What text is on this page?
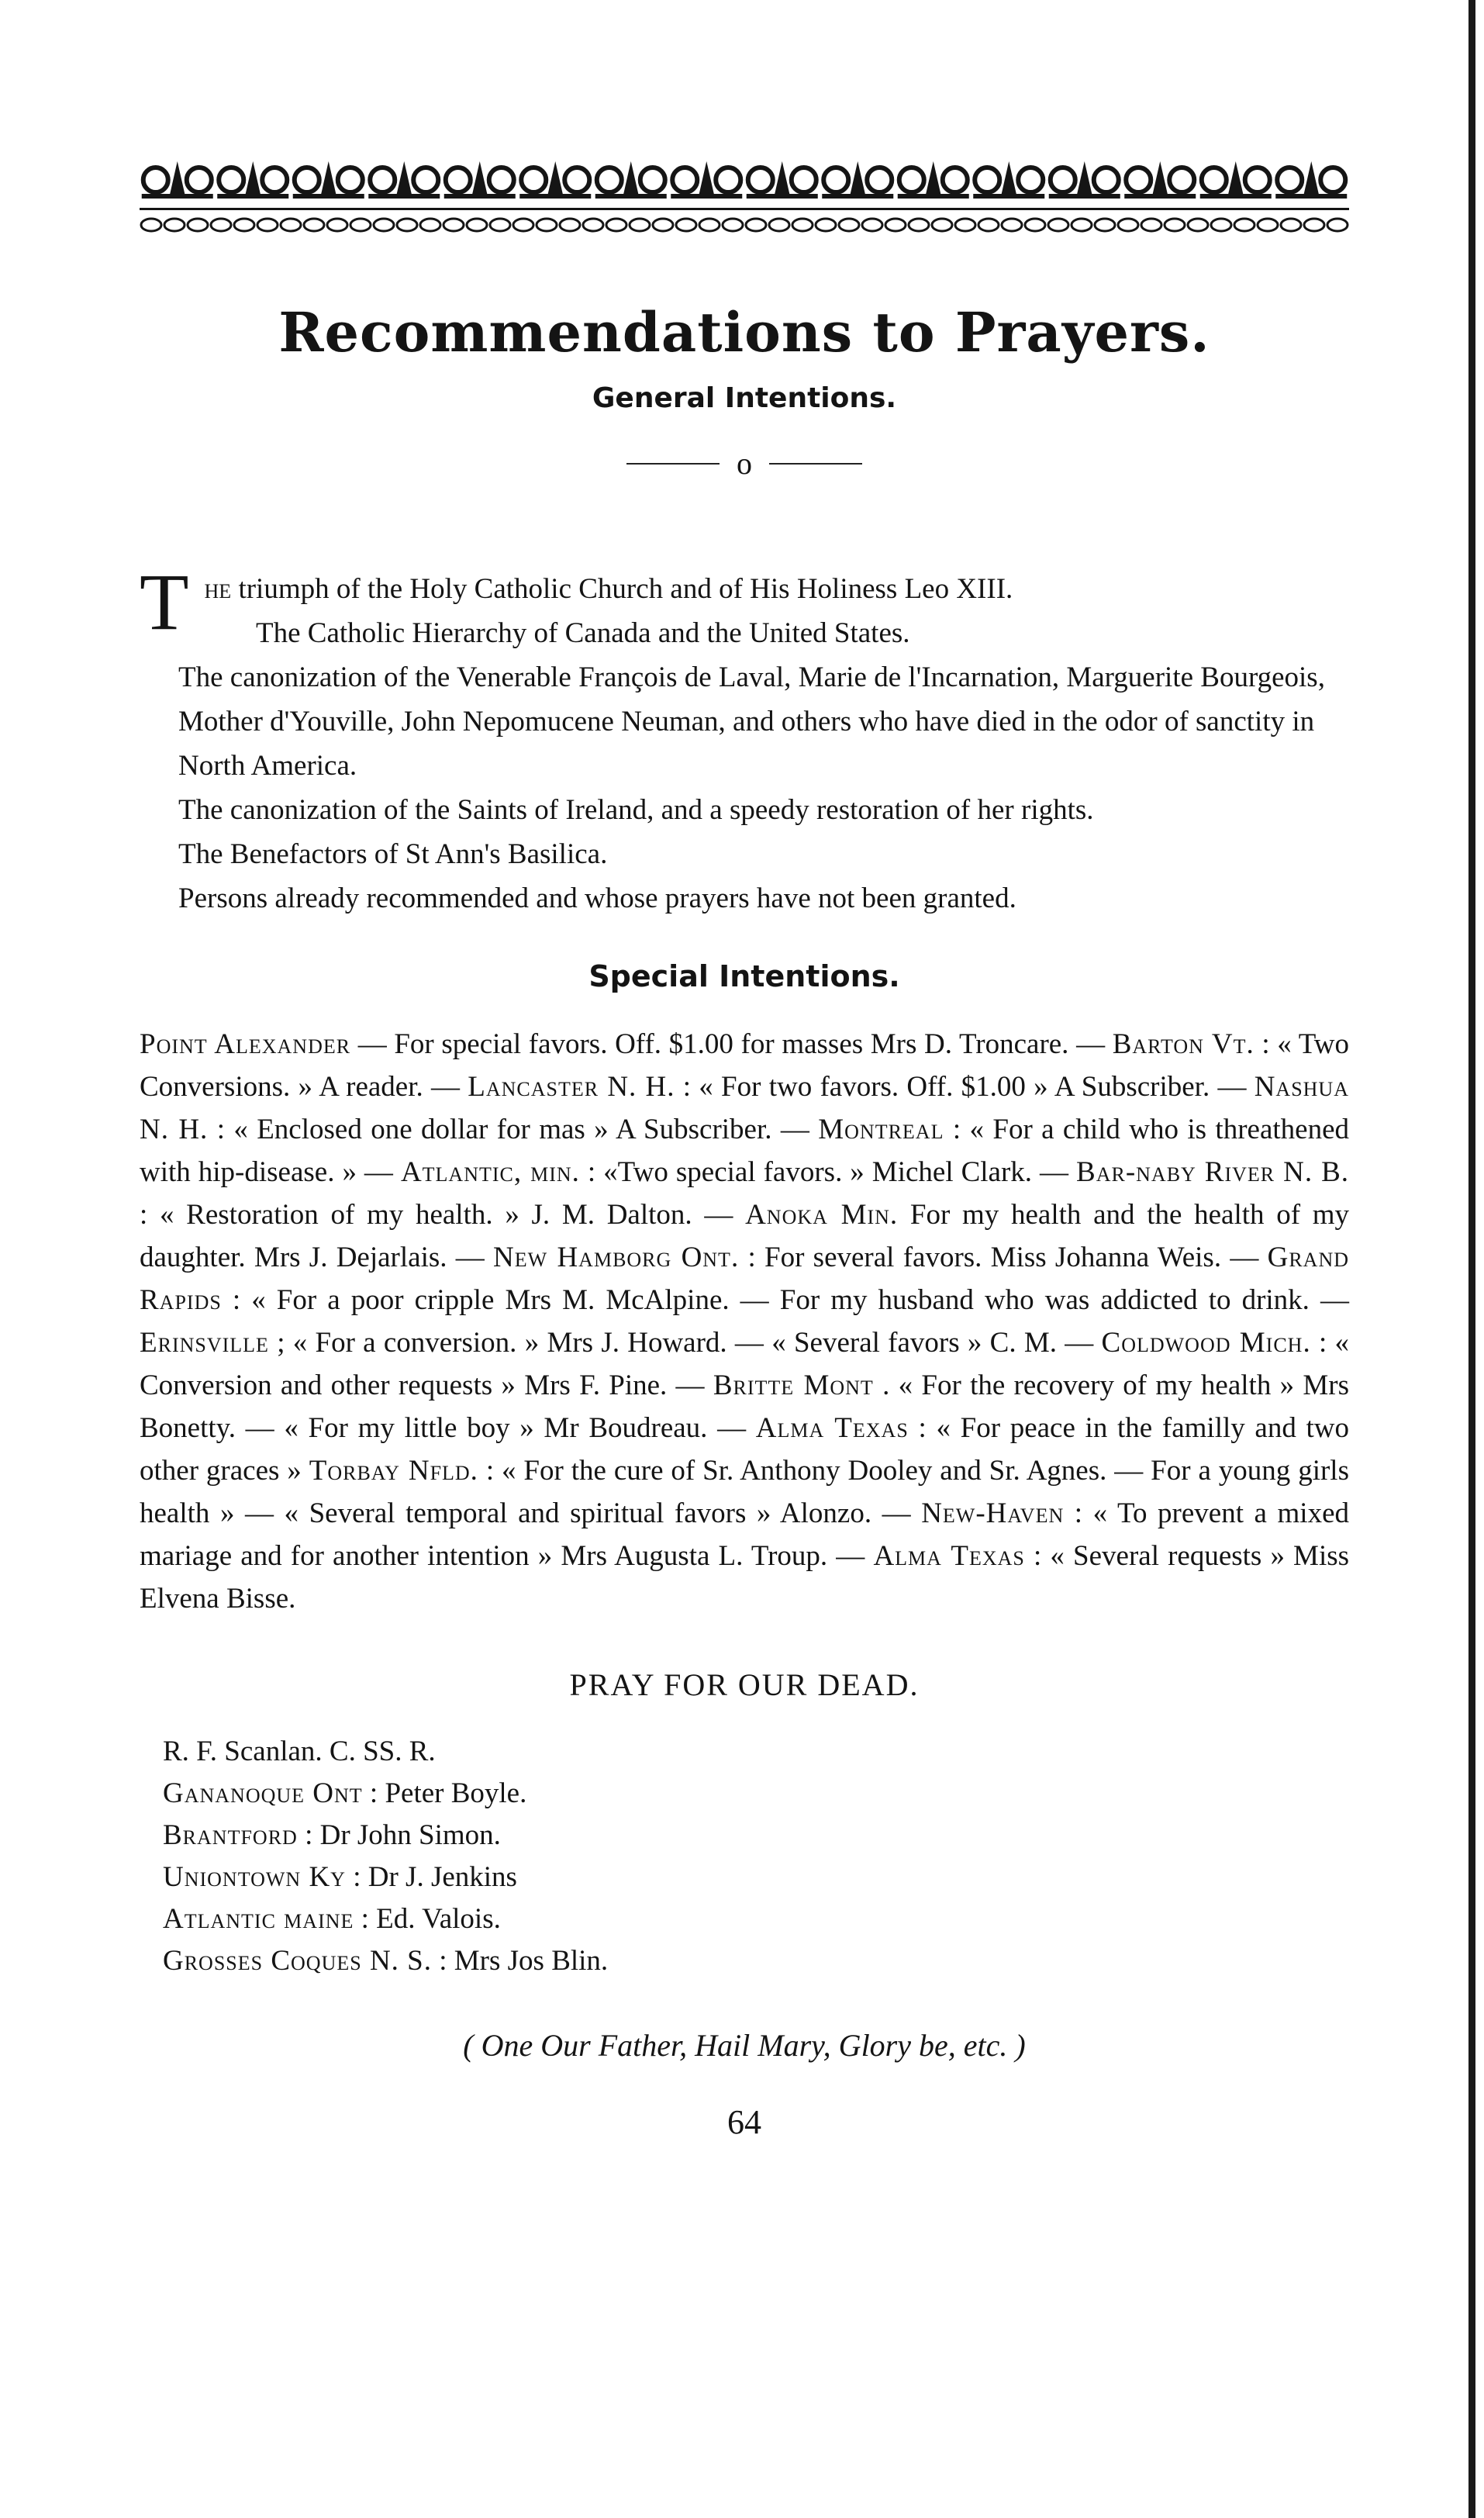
Recommendations to Prayers.
General Intentions.
o

The triumph of the Holy Catholic Church and of His Holiness Leo XIII.

The Catholic Hierarchy of Canada and the United States.

The canonization of the Venerable François de Laval, Marie de l'Incarnation, Marguerite Bourgeois, Mother d'Youville, John Nepomucene Neuman, and others who have died in the odor of sanctity in North America.

The canonization of the Saints of Ireland, and a speedy restoration of her rights.

The Benefactors of St Ann's Basilica.

Persons already recommended and whose prayers have not been granted.

Special Intentions.

Point Alexander — For special favors. Off. $1.00 for masses Mrs D. Troncare. — Barton Vt. : « Two Conversions. » A reader. — Lancaster N. H. : « For two favors. Off. $1.00 » A Subscriber. — Nashua N. H. : « Enclosed one dollar for mas » A Subscriber. — Montreal : « For a child who is threathened with hip-disease. » — Atlantic, min. : «Two special favors. » Michel Clark. — Bar-naby River N. B. : « Restoration of my health. » J. M. Dalton. — Anoka Min. For my health and the health of my daughter. Mrs J. Dejarlais. — New Hamborg Ont. : For several favors. Miss Johanna Weis. — Grand Rapids : « For a poor cripple Mrs M. McAlpine. — For my husband who was addicted to drink. — Erinsville ; « For a conversion. » Mrs J. Howard. — « Several favors » C. M. — Coldwood Mich. : « Conversion and other requests » Mrs F. Pine. — Britte Mont . « For the recovery of my health » Mrs Bonetty. — « For my little boy » Mr Boudreau. — Alma Texas : « For peace in the familly and two other graces » Torbay Nfld. : « For the cure of Sr. Anthony Dooley and Sr. Agnes. — For a young girls health » — « Several temporal and spiritual favors » Alonzo. — New-Haven : « To prevent a mixed mariage and for another intention » Mrs Augusta L. Troup. — Alma Texas : « Several requests » Miss Elvena Bisse.

PRAY FOR OUR DEAD.

R. F. Scanlan. C. SS. R.

Gananoque Ont : Peter Boyle.

Brantford : Dr John Simon.

Uniontown Ky : Dr J. Jenkins

Atlantic maine : Ed. Valois.

Grosses Coques N. S. : Mrs Jos Blin.

( One Our Father, Hail Mary, Glory be, etc. )
64
